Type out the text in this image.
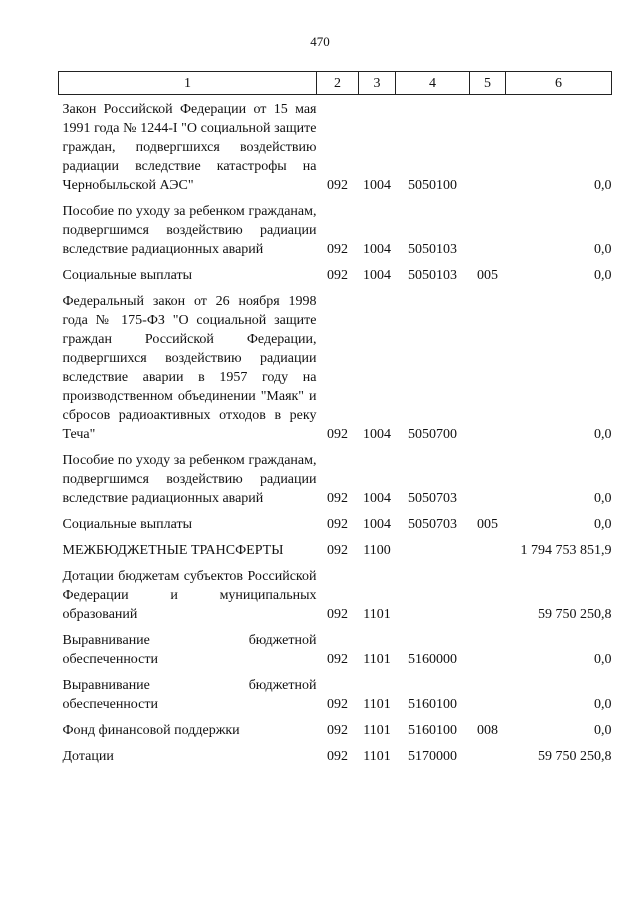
470
1	2	3	4	5	6
Закон Российской Федерации от 15 мая 1991 года № 1244-I "О социальной защите граждан, подвергшихся воздействию радиации вследствие катастрофы на Чернобыльской АЭС"	092	1004	5050100		0,0
Пособие по уходу за ребенком гражданам, подвергшимся воздействию радиации вследствие радиационных аварий	092	1004	5050103		0,0
Социальные выплаты	092	1004	5050103	005	0,0
Федеральный закон от 26 ноября 1998 года № 175-ФЗ "О социальной защите граждан Российской Федерации, подвергшихся воздействию радиации вследствие аварии в 1957 году на производственном объединении "Маяк" и сбросов радиоактивных отходов в реку Теча"	092	1004	5050700		0,0
Пособие по уходу за ребенком гражданам, подвергшимся воздействию радиации вследствие радиационных аварий	092	1004	5050703		0,0
Социальные выплаты	092	1004	5050703	005	0,0
МЕЖБЮДЖЕТНЫЕ ТРАНСФЕРТЫ	092	1100			1 794 753 851,9
Дотации бюджетам субъектов Российской Федерации и муниципальных образований	092	1101			59 750 250,8
Выравнивание бюджетной обеспеченности	092	1101	5160000		0,0
Выравнивание бюджетной обеспеченности	092	1101	5160100		0,0
Фонд финансовой поддержки	092	1101	5160100	008	0,0
Дотации	092	1101	5170000		59 750 250,8
